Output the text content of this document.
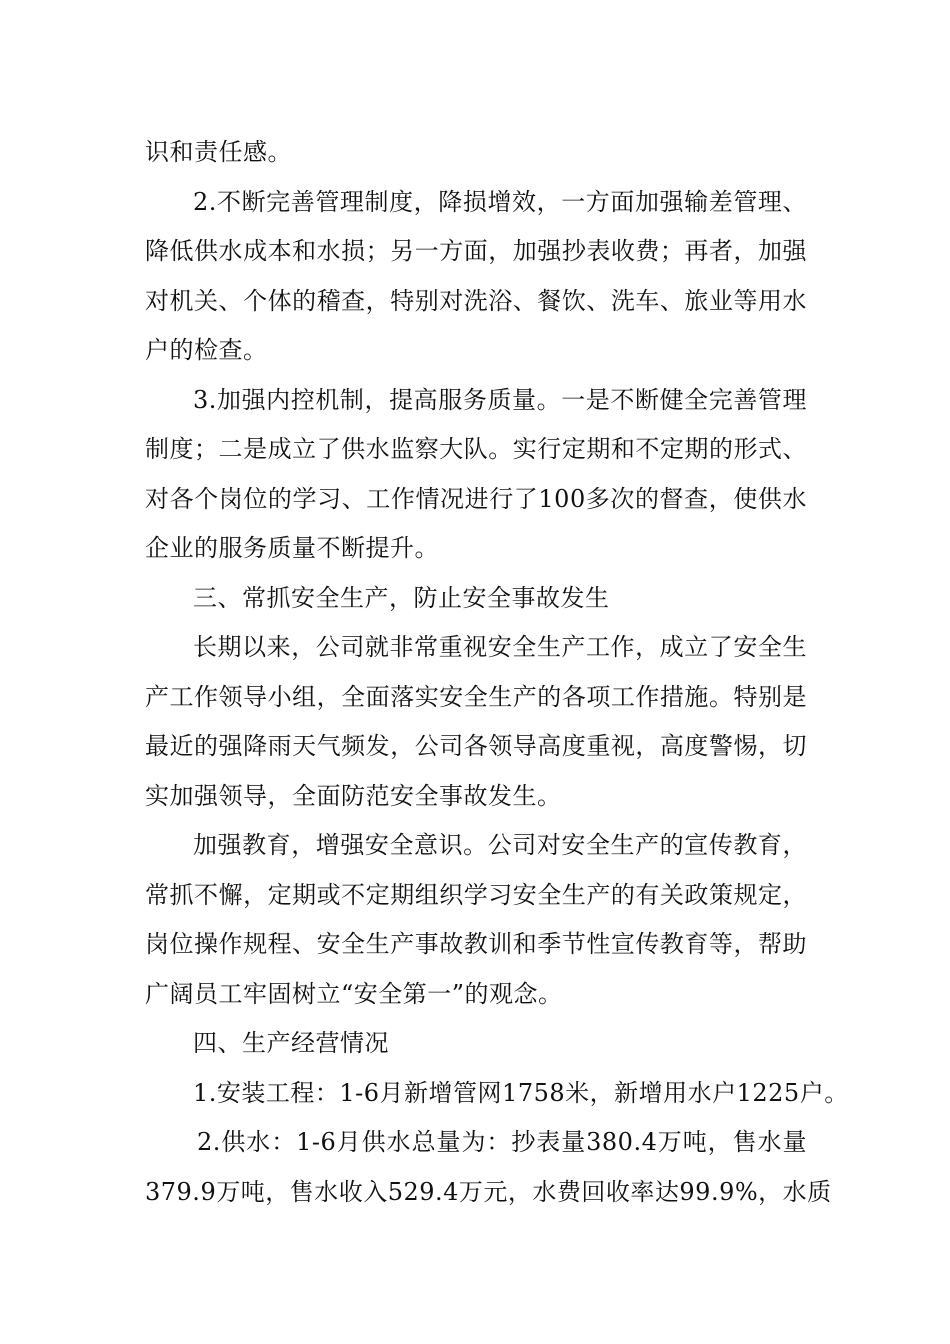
识和责任感。
2.不断完善管理制度，降损增效，一方面加强输差管理、
降低供水成本和水损；另一方面，加强抄表收费；再者，加强
对机关、个体的稽查，特别对洗浴、餐饮、洗车、旅业等用水
户的检查。
3.加强内控机制，提高服务质量。一是不断健全完善管理
制度；二是成立了供水监察大队。实行定期和不定期的形式、
对各个岗位的学习、工作情况进行了100多次的督查，使供水
企业的服务质量不断提升。
三、常抓安全生产，防止安全事故发生
长期以来，公司就非常重视安全生产工作，成立了安全生
产工作领导小组，全面落实安全生产的各项工作措施。特别是
最近的强降雨天气频发，公司各领导高度重视，高度警惕，切
实加强领导，全面防范安全事故发生。
加强教育，增强安全意识。公司对安全生产的宣传教育，
常抓不懈，定期或不定期组织学习安全生产的有关政策规定，
岗位操作规程、安全生产事故教训和季节性宣传教育等，帮助
广阔员工牢固树立“安全第一”的观念。
四、生产经营情况
1.安装工程：1-6月新增管网1758米，新增用水户1225户。
2.供水：1-6月供水总量为：抄表量380.4万吨，售水量
379.9万吨，售水收入529.4万元，水费回收率达99.9%，水质
